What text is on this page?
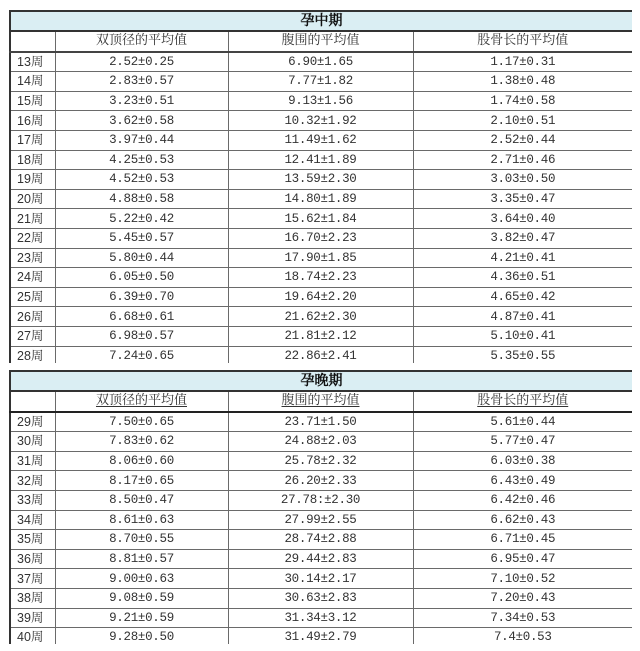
孕中期			
	双顶径的平均值	腹围的平均值	股骨长的平均值
13周	2.52±0.25	6.90±1.65	1.17±0.31
14周	2.83±0.57	7.77±1.82	1.38±0.48
15周	3.23±0.51	9.13±1.56	1.74±0.58
16周	3.62±0.58	10.32±1.92	2.10±0.51
17周	3.97±0.44	11.49±1.62	2.52±0.44
18周	4.25±0.53	12.41±1.89	2.71±0.46
19周	4.52±0.53	13.59±2.30	3.03±0.50
20周	4.88±0.58	14.80±1.89	3.35±0.47
21周	5.22±0.42	15.62±1.84	3.64±0.40
22周	5.45±0.57	16.70±2.23	3.82±0.47
23周	5.80±0.44	17.90±1.85	4.21±0.41
24周	6.05±0.50	18.74±2.23	4.36±0.51
25周	6.39±0.70	19.64±2.20	4.65±0.42
26周	6.68±0.61	21.62±2.30	4.87±0.41
27周	6.98±0.57	21.81±2.12	5.10±0.41
28周	7.24±0.65	22.86±2.41	5.35±0.55
孕晚期			
	双顶径的平均值	腹围的平均值	股骨长的平均值
29周	7.50±0.65	23.71±1.50	5.61±0.44
30周	7.83±0.62	24.88±2.03	5.77±0.47
31周	8.06±0.60	25.78±2.32	6.03±0.38
32周	8.17±0.65	26.20±2.33	6.43±0.49
33周	8.50±0.47	27.78:±2.30	6.42±0.46
34周	8.61±0.63	27.99±2.55	6.62±0.43
35周	8.70±0.55	28.74±2.88	6.71±0.45
36周	8.81±0.57	29.44±2.83	6.95±0.47
37周	9.00±0.63	30.14±2.17	7.10±0.52
38周	9.08±0.59	30.63±2.83	7.20±0.43
39周	9.21±0.59	31.34±3.12	7.34±0.53
40周	9.28±0.50	31.49±2.79	7.4±0.53
